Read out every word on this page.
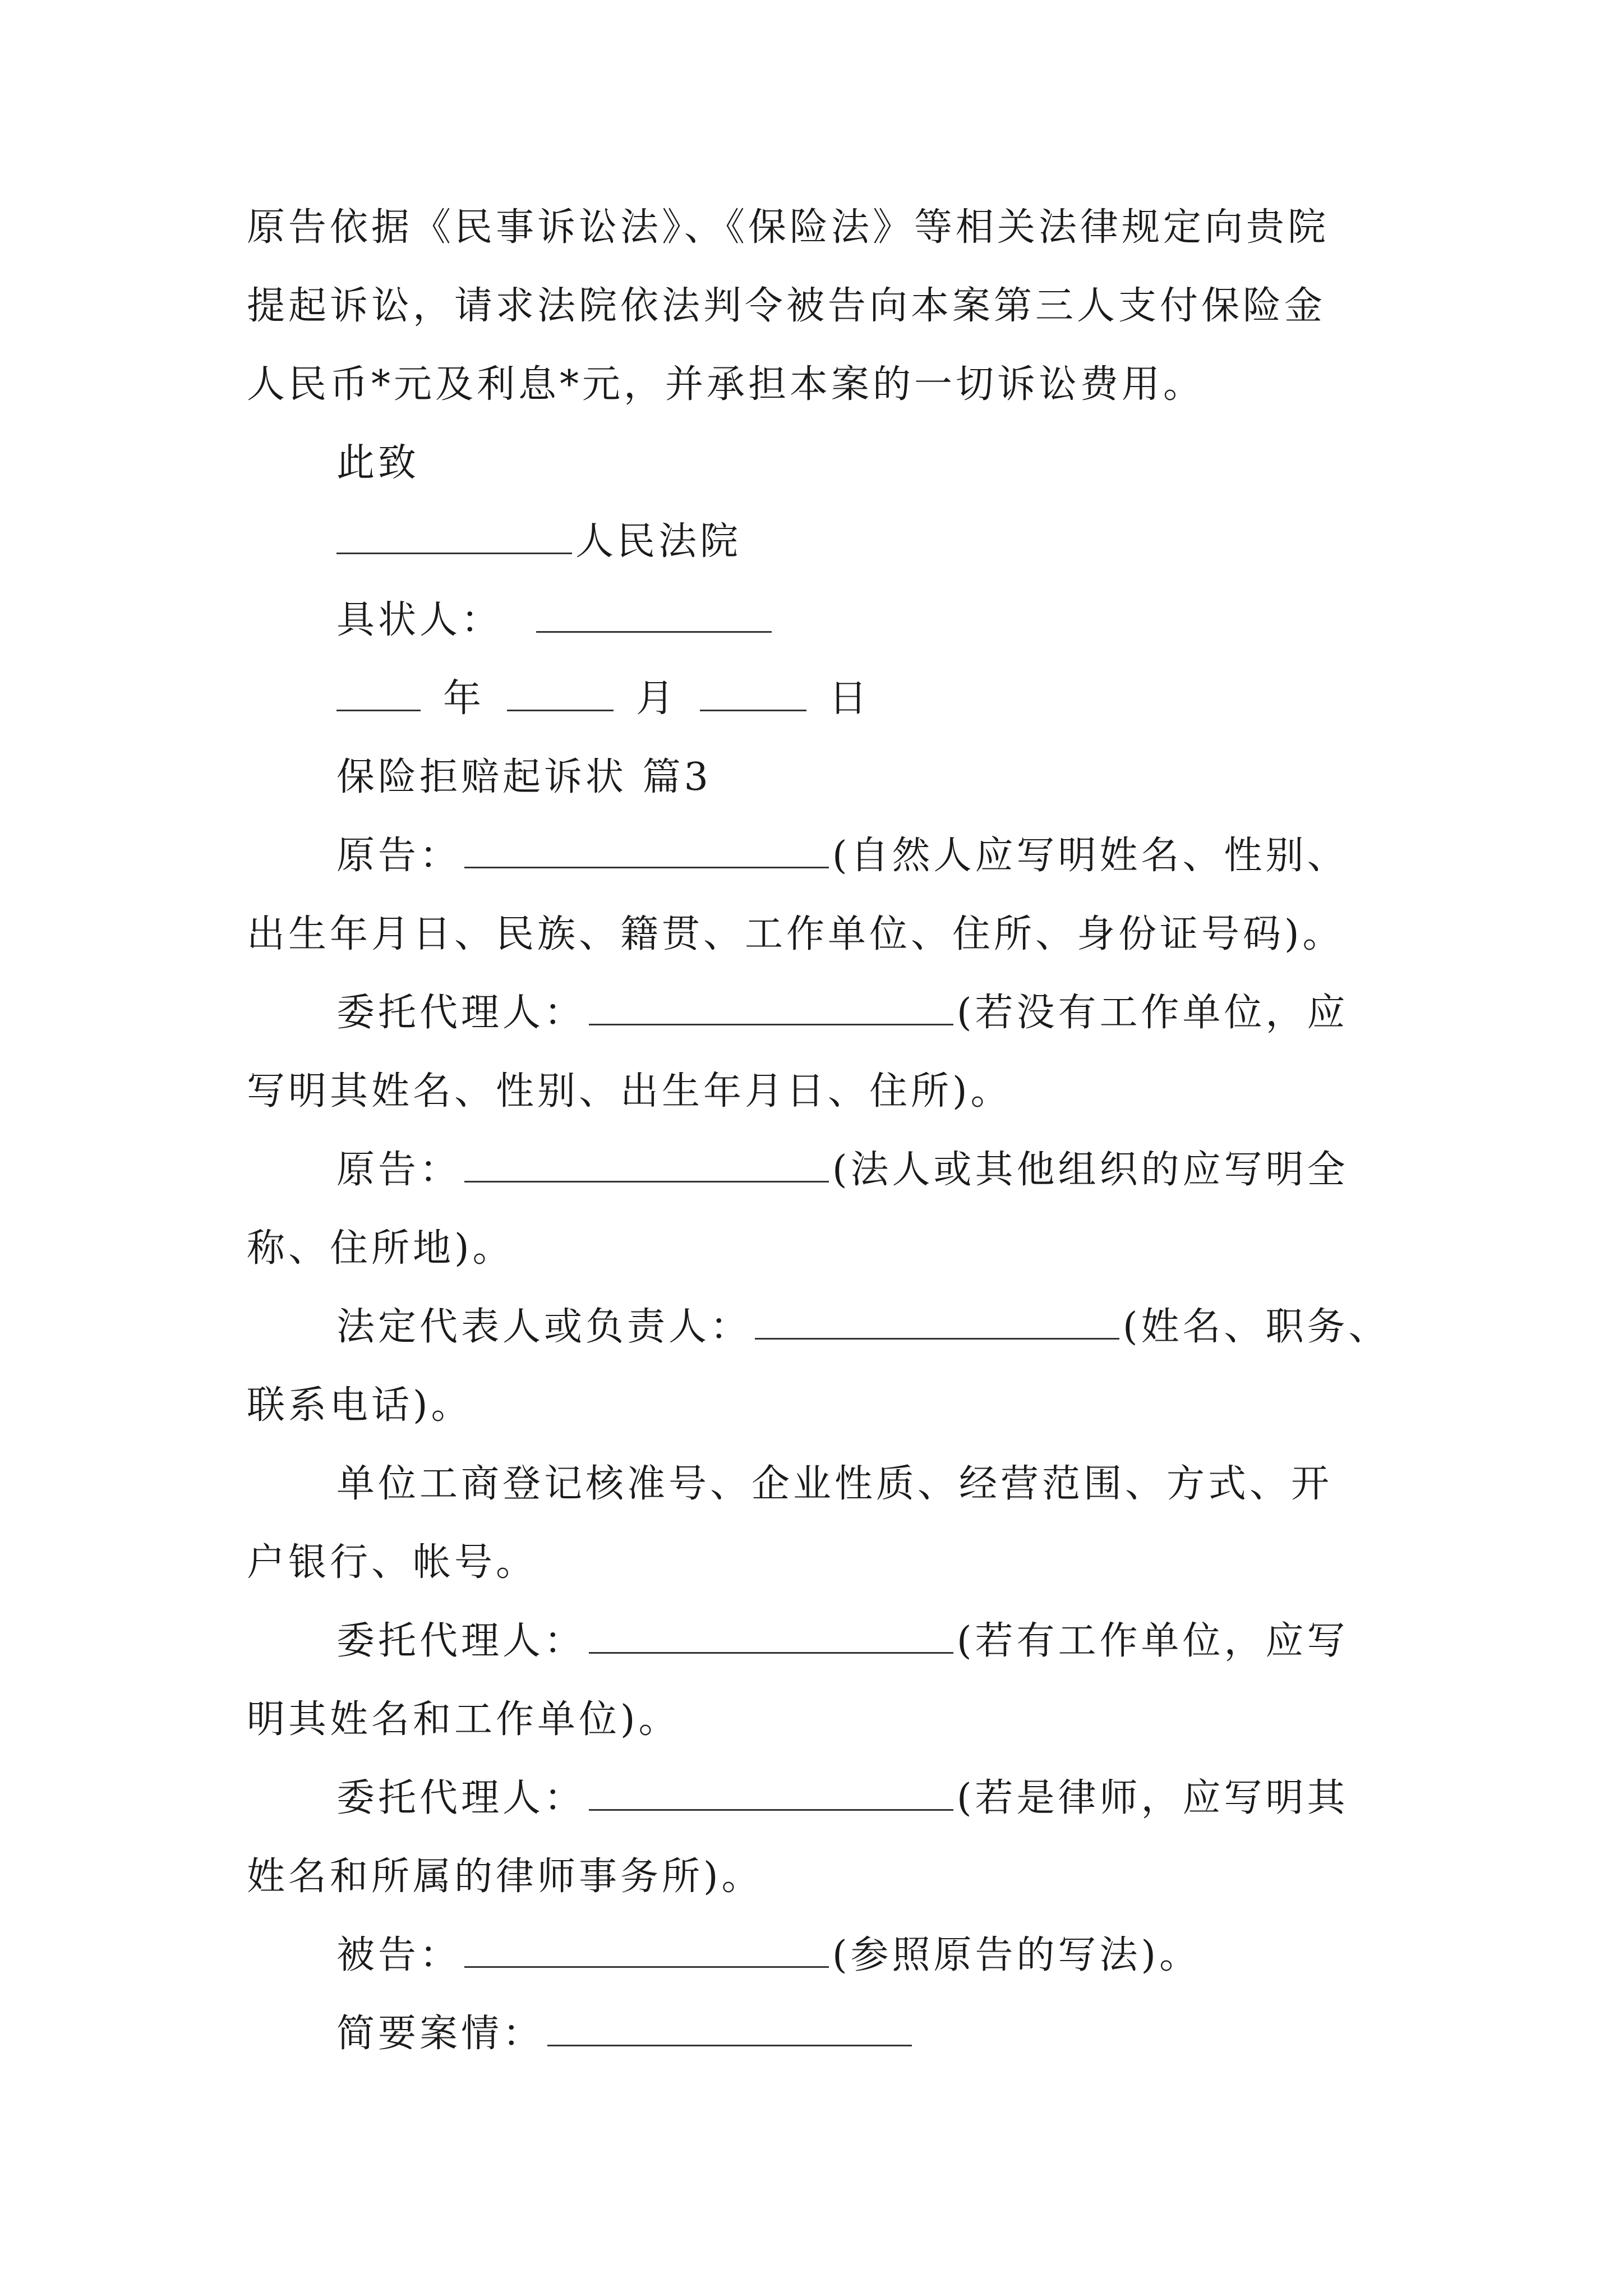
原告依据《民事诉讼法》、《保险法》等相关法律规定向贵院
提起诉讼，请求法院依法判令被告向本案第三人支付保险金
人民币*元及利息*元，并承担本案的一切诉讼费用。
此致
人民法院
具状人：
年	月	日
保险拒赔起诉状 篇3
原告：	(自然人应写明姓名、性别、
出生年月日、民族、籍贯、工作单位、住所、身份证号码)。
委托代理人：	(若没有工作单位，应
写明其姓名、性别、出生年月日、住所)。
原告：	(法人或其他组织的应写明全
称、住所地)。
法定代表人或负责人：	(姓名、职务、
联系电话)。
单位工商登记核准号、企业性质、经营范围、方式、开
户银行、帐号。
委托代理人：	(若有工作单位，应写
明其姓名和工作单位)。
委托代理人：	(若是律师，应写明其
姓名和所属的律师事务所)。
被告：	(参照原告的写法)。
简要案情：
